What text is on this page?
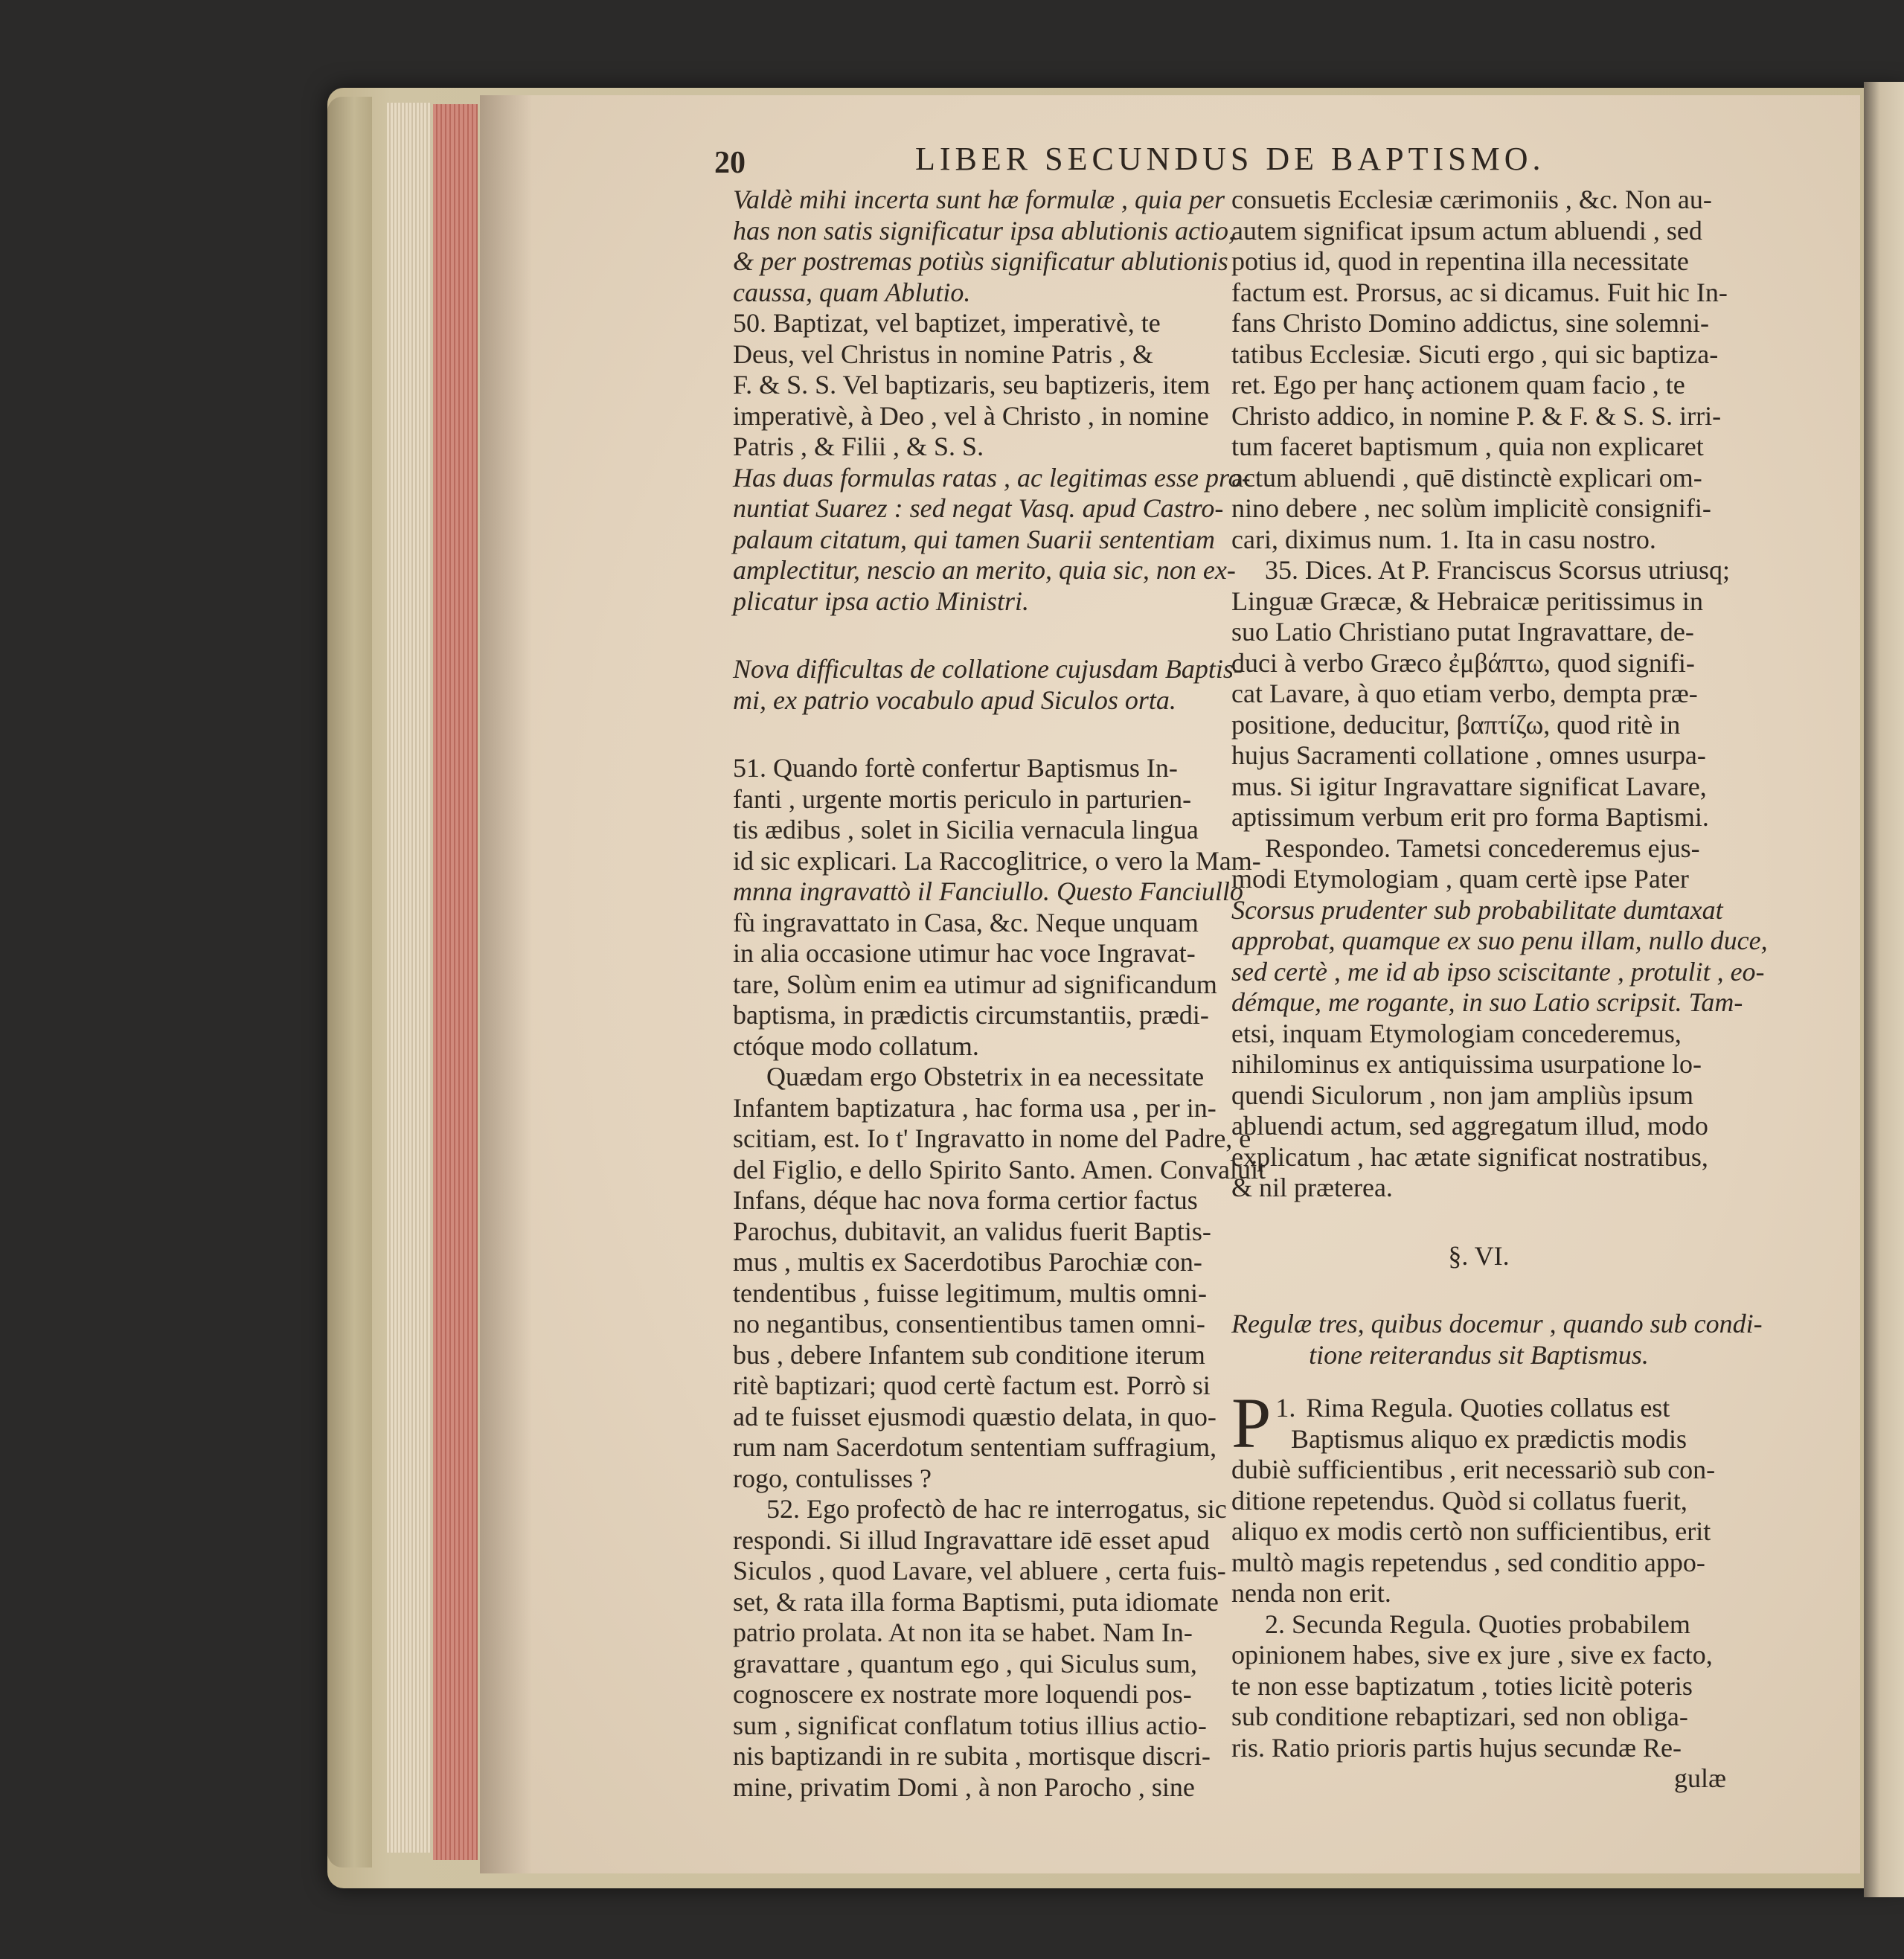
20	LIBER SECUNDUS DE BAPTISMO.

Valdè mihi incerta sunt hæ formulæ , quia per

has non satis significatur ipsa ablutionis actio,

& per postremas potiùs significatur ablutionis

caussa, quam Ablutio.

50. Baptizat, vel baptizet, imperativè, te

Deus, vel Christus in nomine Patris , &

F. & S. S. Vel baptizaris, seu baptizeris, item

imperativè, à Deo , vel à Christo , in nomine

Patris , & Filii , & S. S.

Has duas formulas ratas , ac legitimas esse pro-

nuntiat Suarez : sed negat Vasq. apud Castro-

palaum citatum, qui tamen Suarii sententiam

amplectitur, nescio an merito, quia sic, non ex-

plicatur ipsa actio Ministri.

Nova difficultas de collatione cujusdam Baptis-

mi, ex patrio vocabulo apud Siculos orta.

51. Quando fortè confertur Baptismus In-

fanti , urgente mortis periculo in parturien-

tis ædibus , solet in Sicilia vernacula lingua

id sic explicari. La Raccoglitrice, o vero la Mam-

mnna ingravattò il Fanciullo. Questo Fanciullo

fù ingravattato in Casa, &c. Neque unquam

in alia occasione utimur hac voce Ingravat-

tare, Solùm enim ea utimur ad significandum

baptisma, in prædictis circumstantiis, prædi-

ctóque modo collatum.

Quædam ergo Obstetrix in ea necessitate

Infantem baptizatura , hac forma usa , per in-

scitiam, est. Io t' Ingravatto in nome del Padre, e

del Figlio, e dello Spirito Santo. Amen. Convaluit

Infans, déque hac nova forma certior factus

Parochus, dubitavit, an validus fuerit Baptis-

mus , multis ex Sacerdotibus Parochiæ con-

tendentibus , fuisse legitimum, multis omni-

no negantibus, consentientibus tamen omni-

bus , debere Infantem sub conditione iterum

ritè baptizari; quod certè factum est. Porrò si

ad te fuisset ejusmodi quæstio delata, in quo-

rum nam Sacerdotum sententiam suffragium,

rogo, contulisses ?

52. Ego profectò de hac re interrogatus, sic

respondi. Si illud Ingravattare idē esset apud

Siculos , quod Lavare, vel abluere , certa fuis-

set, & rata illa forma Baptismi, puta idiomate

patrio prolata. At non ita se habet. Nam In-

gravattare , quantum ego , qui Siculus sum,

cognoscere ex nostrate more loquendi pos-

sum , significat conflatum totius illius actio-

nis baptizandi in re subita , mortisque discri-

mine, privatim Domi , à non Parocho , sine

consuetis Ecclesiæ cærimoniis , &c. Non au-

autem significat ipsum actum abluendi , sed

potius id, quod in repentina illa necessitate

factum est. Prorsus, ac si dicamus. Fuit hic In-

fans Christo Domino addictus, sine solemni-

tatibus Ecclesiæ. Sicuti ergo , qui sic baptiza-

ret. Ego per hanç actionem quam facio , te

Christo addico, in nomine P. & F. & S. S. irri-

tum faceret baptismum , quia non explicaret

actum abluendi , quē distinctè explicari om-

nino debere , nec solùm implicitè consignifi-

cari, diximus num. 1. Ita in casu nostro.

35. Dices. At P. Franciscus Scorsus utriusq;

Linguæ Græcæ, & Hebraicæ peritissimus in

suo Latio Christiano putat Ingravattare, de-

duci à verbo Græco ἐμβάπτω, quod signifi-

cat Lavare, à quo etiam verbo, dempta præ-

positione, deducitur, βαπτίζω, quod ritè in

hujus Sacramenti collatione , omnes usurpa-

mus. Si igitur Ingravattare significat Lavare,

aptissimum verbum erit pro forma Baptismi.

Respondeo. Tametsi concederemus ejus-

modi Etymologiam , quam certè ipse Pater

Scorsus prudenter sub probabilitate dumtaxat

approbat, quamque ex suo penu illam, nullo duce,

sed certè , me id ab ipso sciscitante , protulit , eo-

démque, me rogante, in suo Latio scripsit. Tam-

etsi, inquam Etymologiam concederemus,

nihilominus ex antiquissima usurpatione lo-

quendi Siculorum , non jam ampliùs ipsum

abluendi actum, sed aggregatum illud, modo

explicatum , hac ætate significat nostratibus,

& nil præterea.

§. VI.

Regulæ tres, quibus docemur , quando sub condi-

tione reiterandus sit Baptismus.

1.
P Rima Regula. Quoties collatus est

Baptismus aliquo ex prædictis modis

dubiè sufficientibus , erit necessariò sub con-

ditione repetendus. Quòd si collatus fuerit,

aliquo ex modis certò non sufficientibus, erit

multò magis repetendus , sed conditio appo-

nenda non erit.

2. Secunda Regula. Quoties probabilem

opinionem habes, sive ex jure , sive ex facto,

te non esse baptizatum , toties licitè poteris

sub conditione rebaptizari, sed non obliga-

ris. Ratio prioris partis hujus secundæ Re-

gulæ
